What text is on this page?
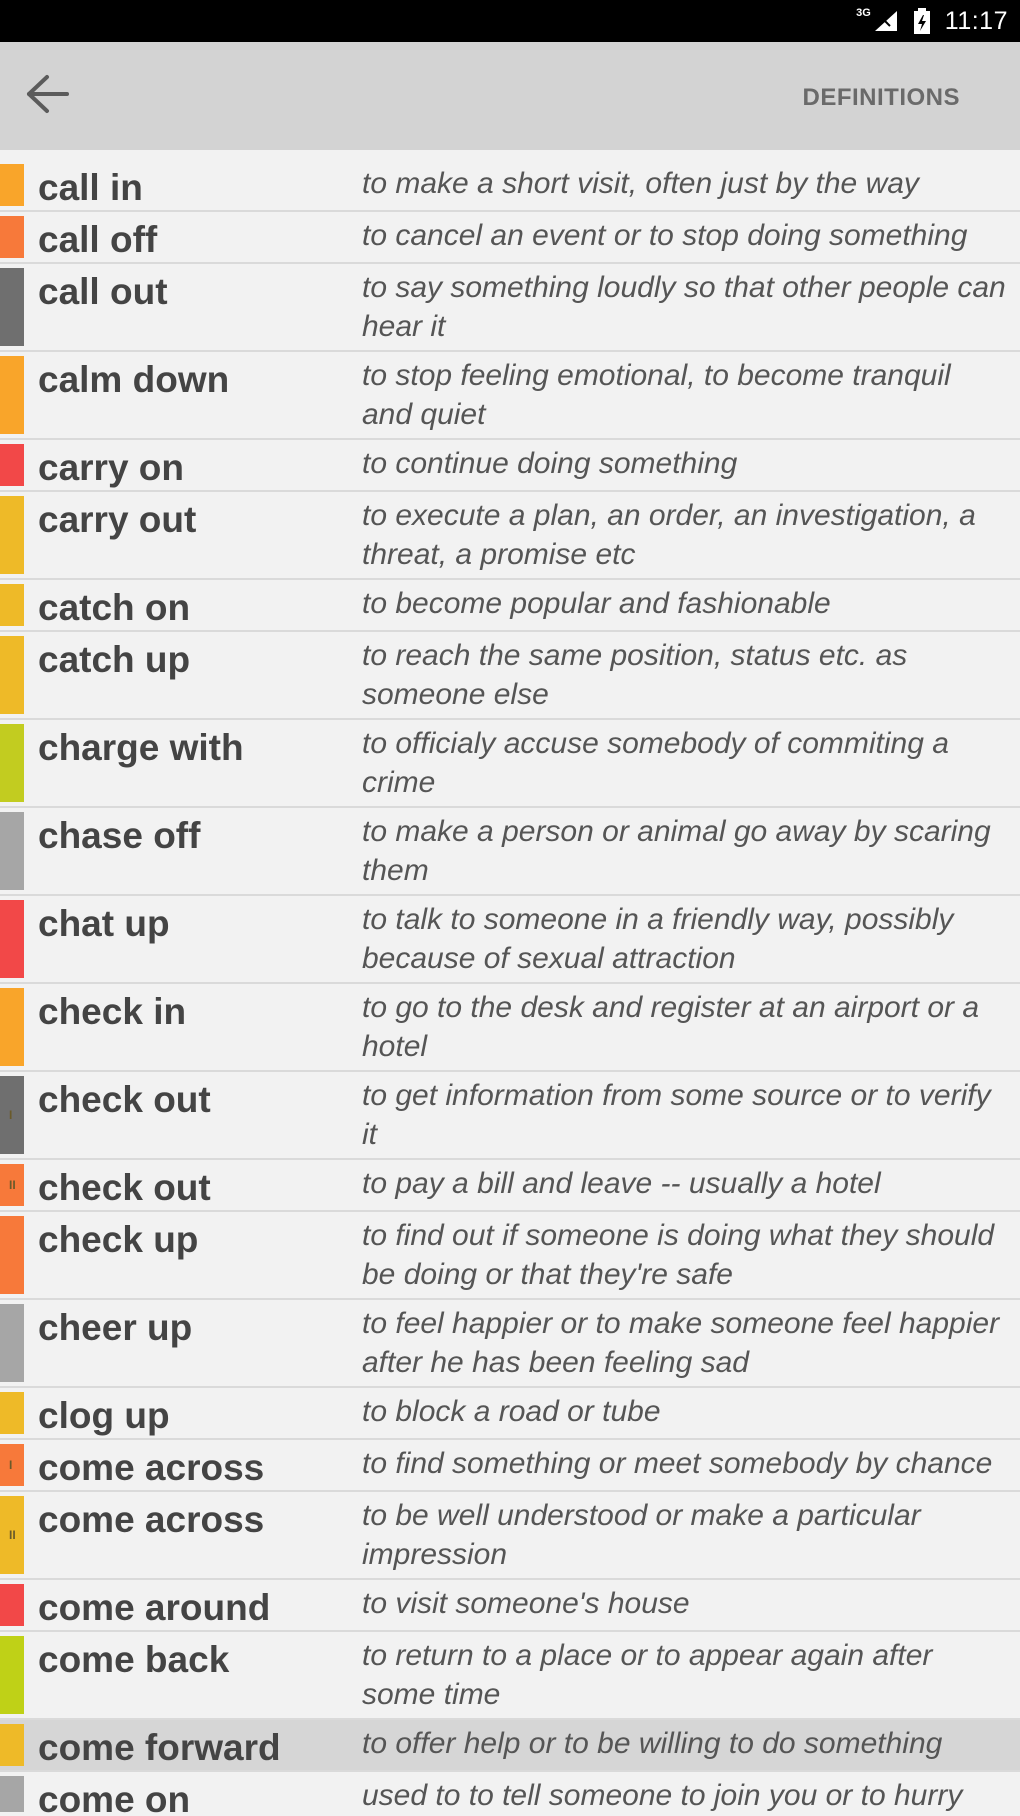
3G	11:17
DEFINITIONS
call in	to make a short visit, often just by the way
call off	to cancel an event or to stop doing something
call out	to say something loudly so that other people can hear it
calm down	to stop feeling emotional, to become tranquil and quiet
carry on	to continue doing something
carry out	to execute a plan, an order, an investigation, a threat, a promise etc
catch on	to become popular and fashionable
catch up	to reach the same position, status etc. as someone else
charge with	to officialy accuse somebody of commiting a crime
chase off	to make a person or animal go away by scaring them
chat up	to talk to someone in a friendly way, possibly because of sexual attraction
check in	to go to the desk and register at an airport or a hotel
I check out	to get information from some source or to verify it
II check out	to pay a bill and leave -- usually a hotel
check up	to find out if someone is doing what they should be doing or that they're safe
cheer up	to feel happier or to make someone feel happier after he has been feeling sad
clog up	to block a road or tube
I come across	to find something or meet somebody by chance
II come across	to be well understood or make a particular impression
come around	to visit someone's house
come back	to return to a place or to appear again after some time
come forward	to offer help or to be willing to do something
come on	used to to tell someone to join you or to hurry
